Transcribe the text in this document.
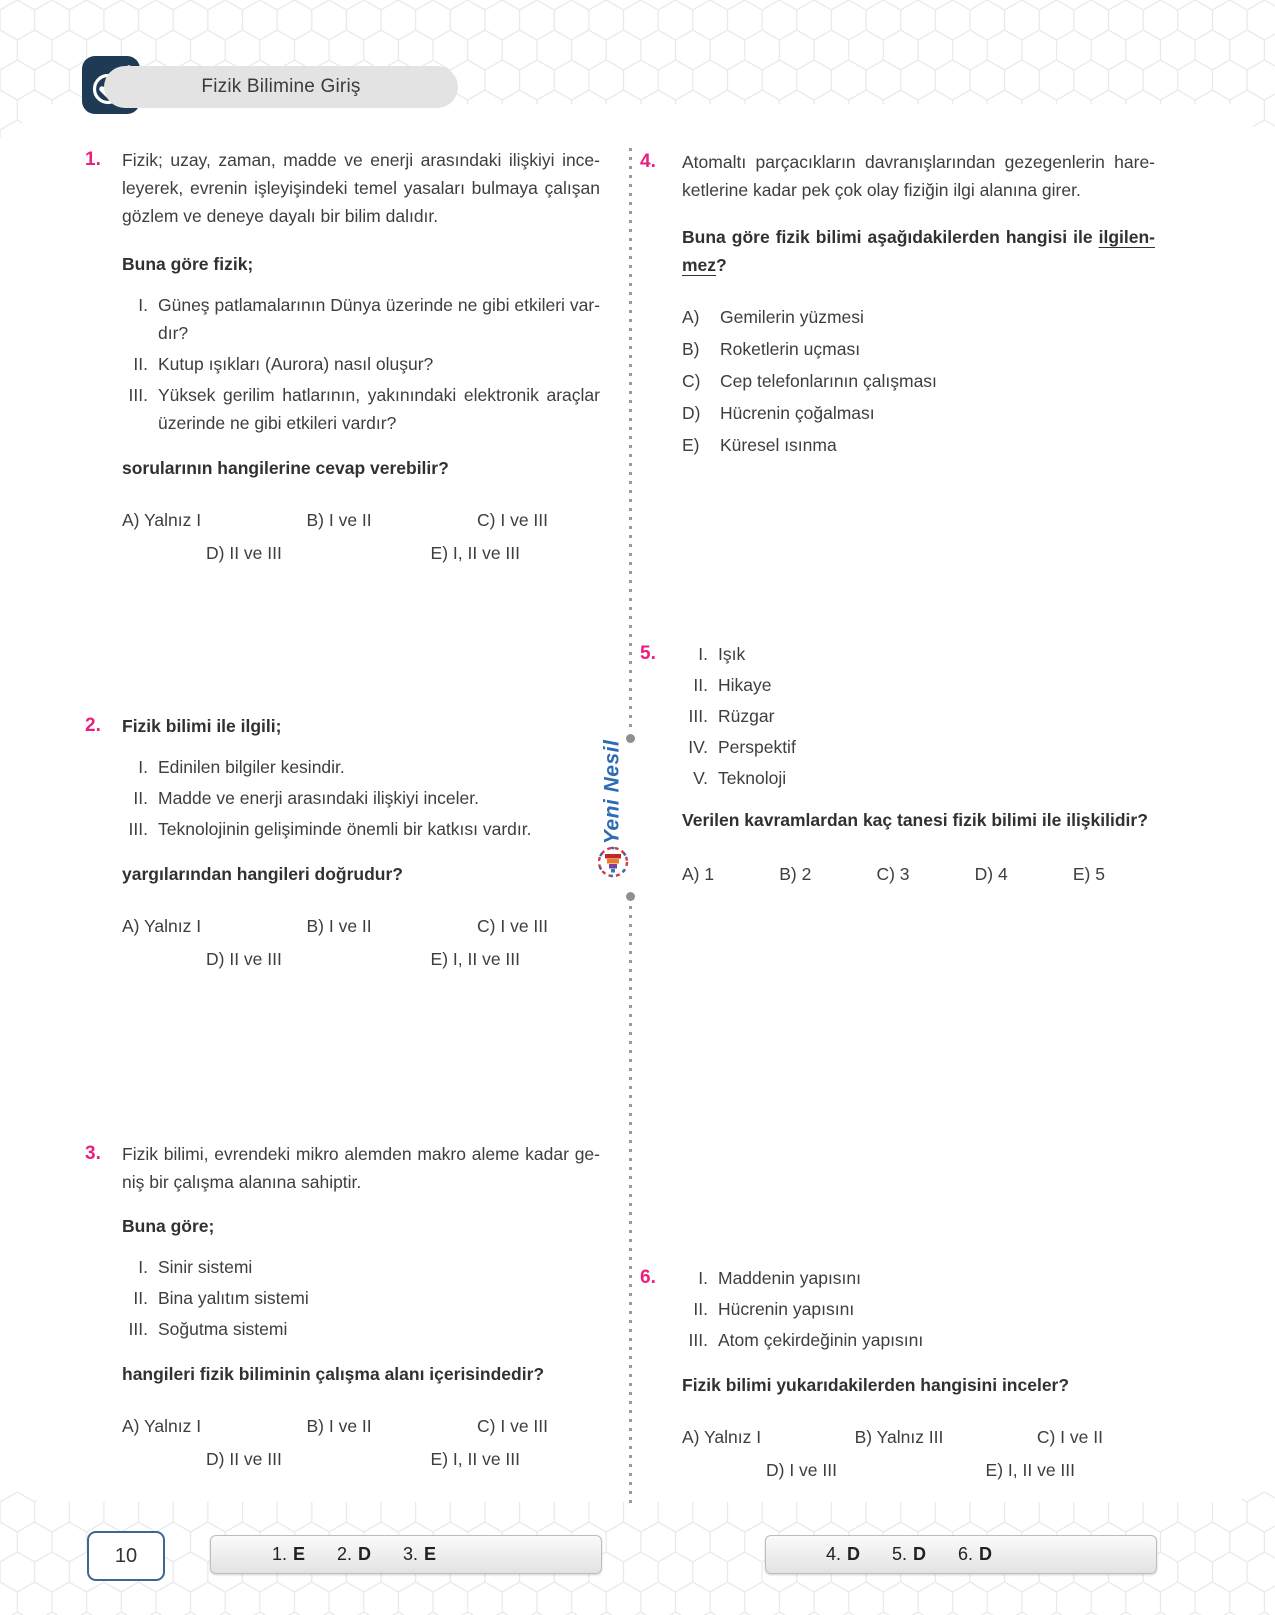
Fizik Bilimine Giriş
Yeni Nesil
1. Fizik; uzay, zaman, madde ve enerji arasındaki ilişkiyi ince-
leyerek, evrenin işleyişindeki temel yasaları bulmaya çalışan
gözlem ve deneye dayalı bir bilim dalıdır.
Buna göre fizik;
I. Güneş patlamalarının Dünya üzerinde ne gibi etkileri var-
dır?
II. Kutup ışıkları (Aurora) nasıl oluşur?
III. Yüksek gerilim hatlarının, yakınındaki elektronik araçlar
üzerinde ne gibi etkileri vardır?
sorularının hangilerine cevap verebilir?
A) Yalnız I	B) I ve II	C) I ve III
D) II ve III	E) I, II ve III
2. Fizik bilimi ile ilgili;
I. Edinilen bilgiler kesindir.
II. Madde ve enerji arasındaki ilişkiyi inceler.
III. Teknolojinin gelişiminde önemli bir katkısı vardır.
yargılarından hangileri doğrudur?
A) Yalnız I	B) I ve II	C) I ve III
D) II ve III	E) I, II ve III
3. Fizik bilimi, evrendeki mikro alemden makro aleme kadar ge-
niş bir çalışma alanına sahiptir.
Buna göre;
I. Sinir sistemi
II. Bina yalıtım sistemi
III. Soğutma sistemi
hangileri fizik biliminin çalışma alanı içerisindedir?
A) Yalnız I	B) I ve II	C) I ve III
D) II ve III	E) I, II ve III
4. Atomaltı parçacıkların davranışlarından gezegenlerin hare-
ketlerine kadar pek çok olay fiziğin ilgi alanına girer.
Buna göre fizik bilimi aşağıdakilerden hangisi ile ilgilen-
mez?
A)	Gemilerin yüzmesi
B)	Roketlerin uçması
C)	Cep telefonlarının çalışması
D)	Hücrenin çoğalması
E)	Küresel ısınma
5.	I. Işık
II. Hikaye
III. Rüzgar
IV. Perspektif
V. Teknoloji
Verilen kavramlardan kaç tanesi fizik bilimi ile ilişkilidir?
A) 1	B) 2	C) 3	D) 4	E) 5
6.	I. Maddenin yapısını
II. Hücrenin yapısını
III. Atom çekirdeğinin yapısını
Fizik bilimi yukarıdakilerden hangisini inceler?
A) Yalnız I	B) Yalnız III	C) I ve II
D) I ve III	E) I, II ve III
10	1. E 2. D 3. E	4. D 5. D 6. D
